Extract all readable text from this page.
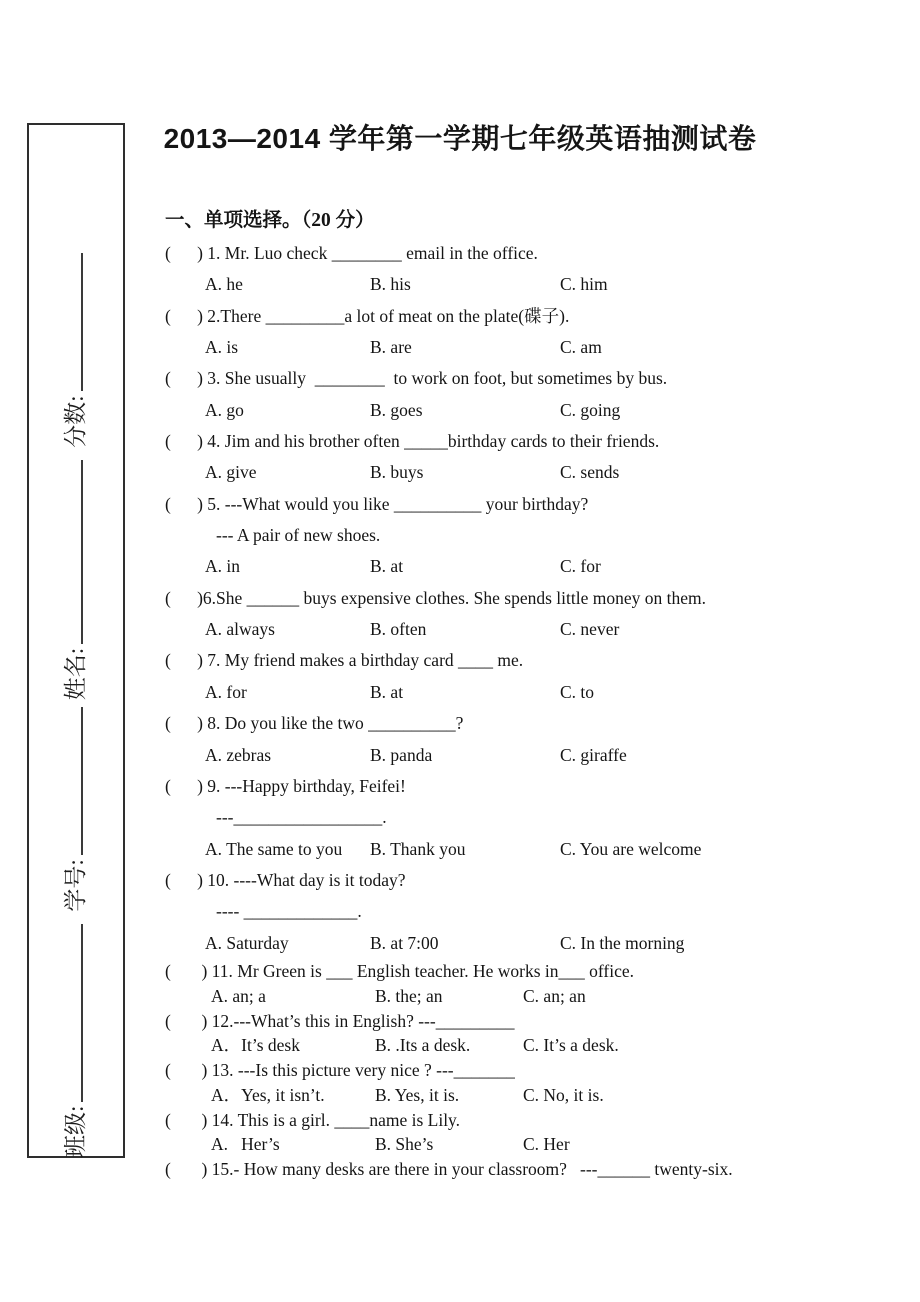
班级:学号:姓名:分数:
2013—2014 学年第一学期七年级英语抽测试卷
一、单项选择。（20 分）
(      ) 1. Mr. Luo check ________ email in the office.

A. he

	B. his

	C. him

(      ) 2.There _________a lot of meat on the plate(碟子).

A. is

	B. are

	C. am

(      ) 3. She usually  ________  to work on foot, but sometimes by bus.

A. go

	B. goes

	C. going

(      ) 4. Jim and his brother often _____birthday cards to their friends.

A. give

	B. buys

	C. sends

(      ) 5. ---What would you like __________ your birthday?
--- A pair of new shoes.

A. in

	B. at

	C. for

(      )6.She ______ buys expensive clothes. She spends little money on them.

A. always

	B. often

	C. never

(      ) 7. My friend makes a birthday card ____ me.

A. for

	B. at

	C. to

(      ) 8. Do you like the two __________?

A. zebras

	B. panda

	C. giraffe

(      ) 9. ---Happy birthday, Feifei!
---_________________.

A. The same to you

B. Thank you

	C. You are welcome

(      ) 10. ----What day is it today?
---- _____________.

A. Saturday

	B. at 7:00

	C. In the morning

(       ) 11. Mr Green is ___ English teacher. He works in___ office.

A. an; a

	B. the; an

	C. an; an

(       ) 12.---What’s this in English? ---_________

A．It’s desk

	B. .Its a desk.

	C. It’s a desk.

(       ) 13. ---Is this picture very nice ? ---_______

A．Yes, it isn’t.

	B. Yes, it is.

	C. No, it is.

(       ) 14. This is a girl. ____name is Lily.

A.   Her’s

	B. She’s

	C. Her

(       ) 15.- How many desks are there in your classroom?   ---______ twenty-six.
